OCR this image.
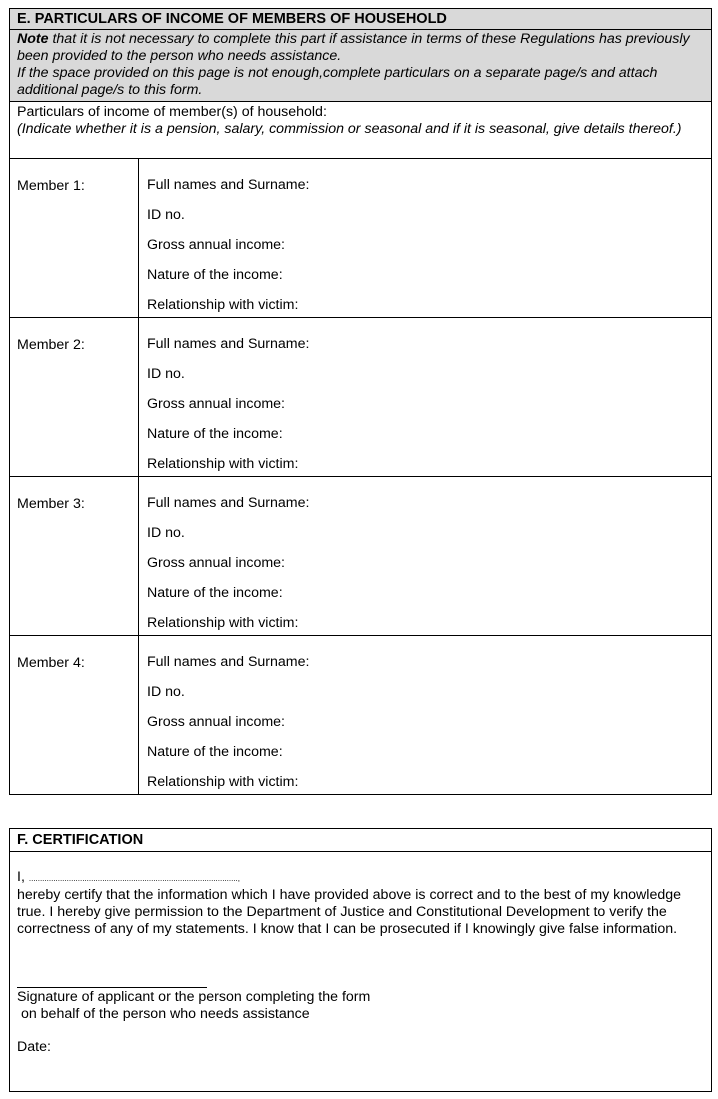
E. PARTICULARS OF INCOME OF MEMBERS OF HOUSEHOLD
Note that it is not necessary to complete this part if assistance in terms of these Regulations has previously been provided to the person who needs assistance.
If the space provided on this page is not enough,complete particulars on a separate page/s and attach additional page/s to this form.
Particulars of income of member(s) of household:
(Indicate whether it is a pension, salary, commission or seasonal and if it is seasonal, give details thereof.)
Member 1:	Full names and Surname:
ID no.
Gross annual income:
Nature of the income:
Relationship with victim:
Member 2:	Full names and Surname:
ID no.
Gross annual income:
Nature of the income:
Relationship with victim:
Member 3:	Full names and Surname:
ID no.
Gross annual income:
Nature of the income:
Relationship with victim:
Member 4:	Full names and Surname:
ID no.
Gross annual income:
Nature of the income:
Relationship with victim:
F. CERTIFICATION
I, ..............................................................................................,
hereby certify that the information which I have provided above is correct and to the best of my knowledge true. I hereby give permission to the Department of Justice and Constitutional Development to verify the correctness of any of my statements. I know that I can be prosecuted if I knowingly give false information.
Signature of applicant or the person completing the form
on behalf of the person who needs assistance
Date:
